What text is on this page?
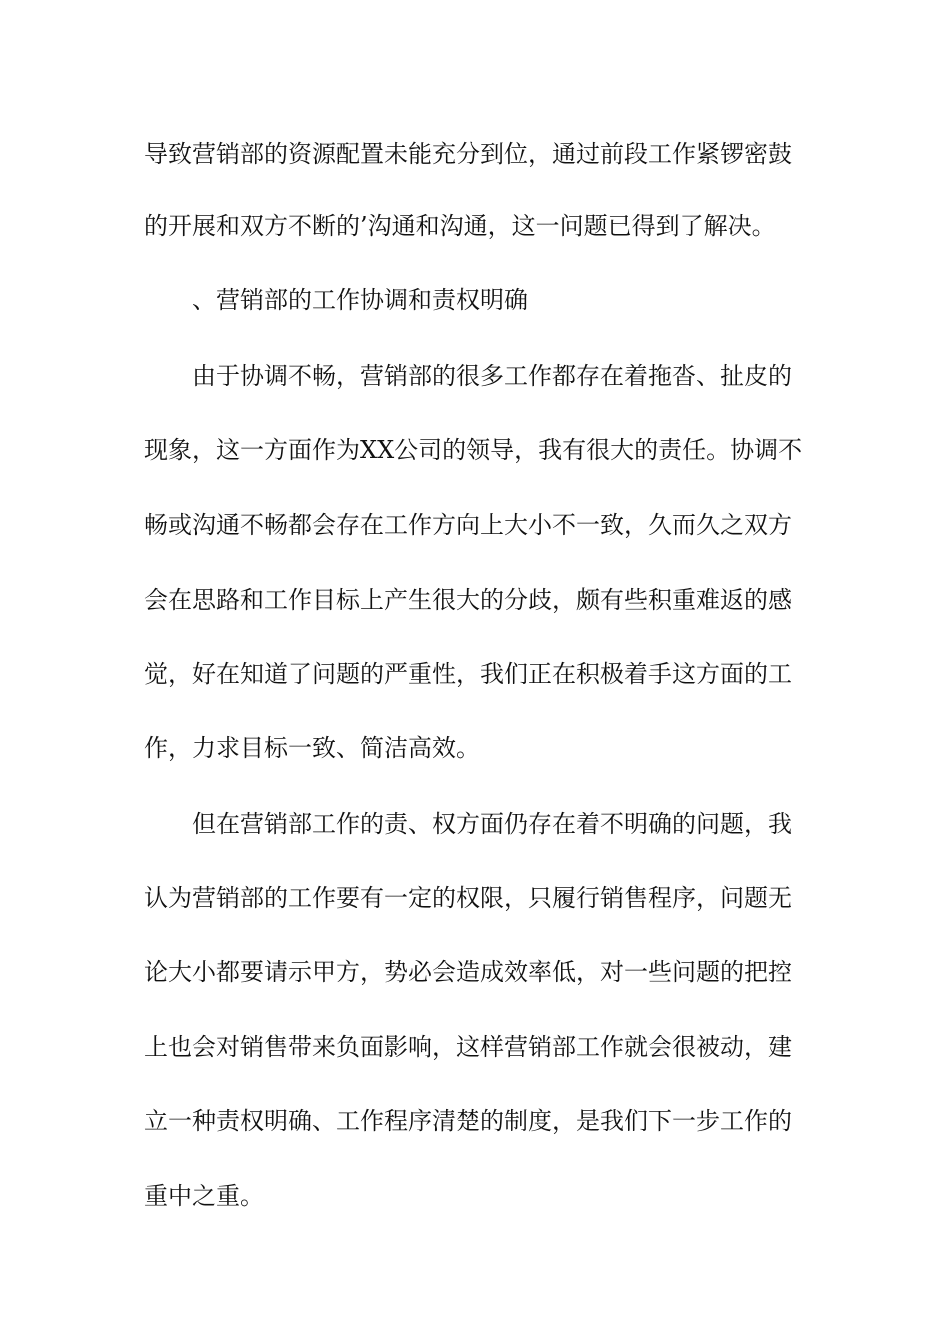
导致营销部的资源配置未能充分到位，通过前段工作紧锣密鼓
的开展和双方不断的’沟通和沟通，这一问题已得到了解决。
、营销部的工作协调和责权明确
由于协调不畅，营销部的很多工作都存在着拖沓、扯皮的
现象，这一方面作为XX公司的领导，我有很大的责任。协调不
畅或沟通不畅都会存在工作方向上大小不一致，久而久之双方
会在思路和工作目标上产生很大的分歧，颇有些积重难返的感
觉，好在知道了问题的严重性，我们正在积极着手这方面的工
作，力求目标一致、简洁高效。
但在营销部工作的责、权方面仍存在着不明确的问题，我
认为营销部的工作要有一定的权限，只履行销售程序，问题无
论大小都要请示甲方，势必会造成效率低，对一些问题的把控
上也会对销售带来负面影响，这样营销部工作就会很被动，建
立一种责权明确、工作程序清楚的制度，是我们下一步工作的
重中之重。
